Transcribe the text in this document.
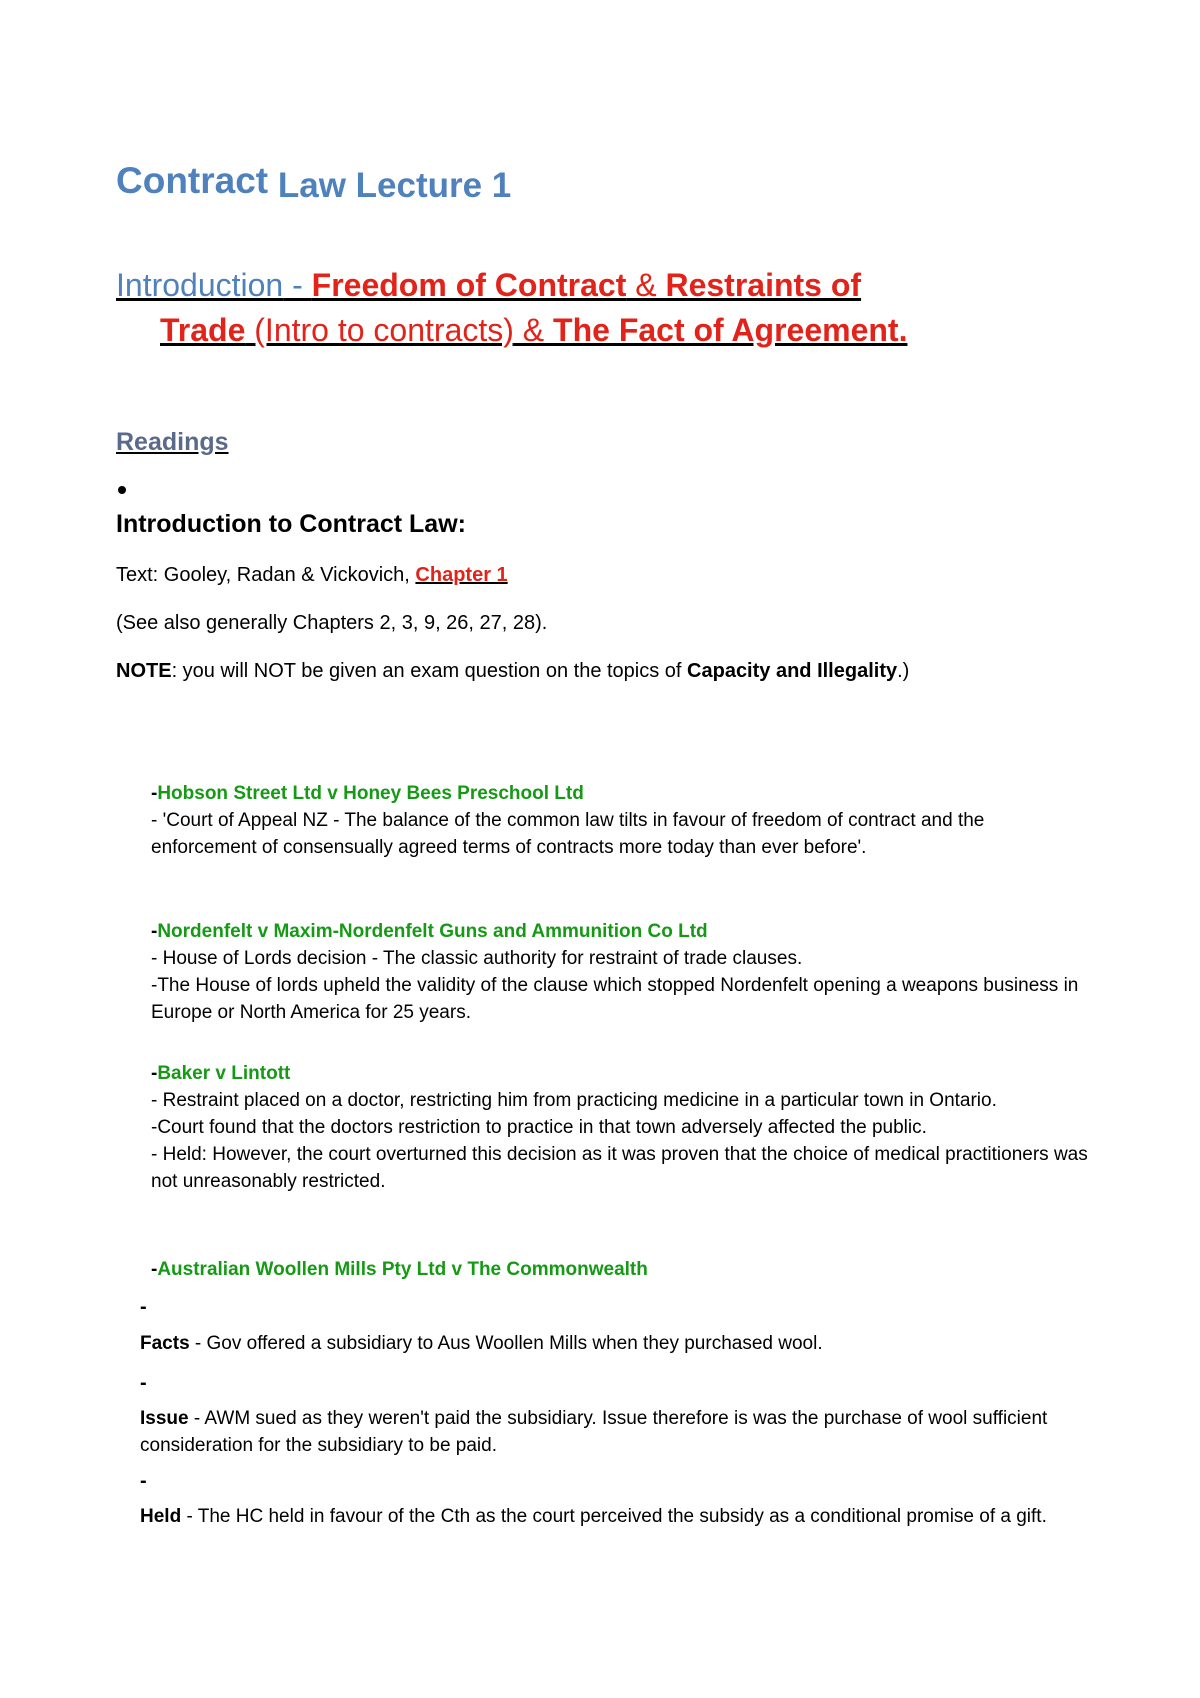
Contract Law Lecture 1
Introduction - Freedom of Contract & Restraints of
Trade (Intro to contracts) & The Fact of Agreement.
Readings
Introduction to Contract Law:
Text: Gooley, Radan & Vickovich, Chapter 1
(See also generally Chapters 2, 3, 9, 26, 27, 28).
NOTE: you will NOT be given an exam question on the topics of Capacity and Illegality.)
-Hobson Street Ltd v Honey Bees Preschool Ltd
- 'Court of Appeal NZ - The balance of the common law tilts in favour of freedom of contract and the enforcement of consensually agreed terms of contracts more today than ever before'.
-Nordenfelt v Maxim-Nordenfelt Guns and Ammunition Co Ltd
- House of Lords decision - The classic authority for restraint of trade clauses.
-The House of lords upheld the validity of the clause which stopped Nordenfelt opening a weapons business in Europe or North America for 25 years.
-Baker v Lintott
- Restraint placed on a doctor, restricting him from practicing medicine in a particular town in Ontario.
-Court found that the doctors restriction to practice in that town adversely affected the public.
- Held: However, the court overturned this decision as it was proven that the choice of medical practitioners was not unreasonably restricted.
-Australian Woollen Mills Pty Ltd v The Commonwealth
-
Facts - Gov offered a subsidiary to Aus Woollen Mills when they purchased wool.
-
Issue - AWM sued as they weren't paid the subsidiary. Issue therefore is was the purchase of wool sufficient consideration for the subsidiary to be paid.
-
Held - The HC held in favour of the Cth as the court perceived the subsidy as a conditional promise of a gift.
